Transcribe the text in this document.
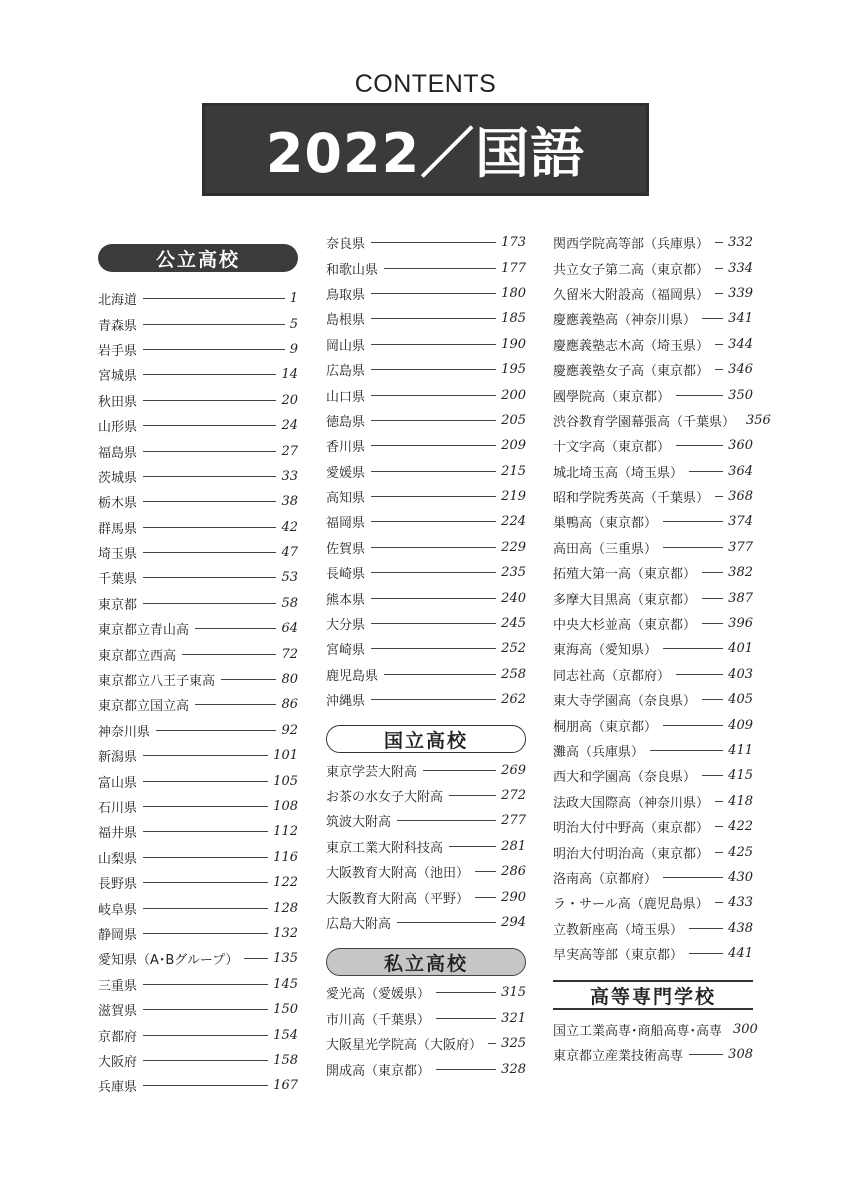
CONTENTS
2022／国語
公立高校
北海道	1
青森県	5
岩手県	9
宮城県	14
秋田県	20
山形県	24
福島県	27
茨城県	33
栃木県	38
群馬県	42
埼玉県	47
千葉県	53
東京都	58
東京都立青山高	64
東京都立西高	72
東京都立八王子東高	80
東京都立国立高	86
神奈川県	92
新潟県	101
富山県	105
石川県	108
福井県	112
山梨県	116
長野県	122
岐阜県	128
静岡県	132
愛知県（A･Bグループ）	135
三重県	145
滋賀県	150
京都府	154
大阪府	158
兵庫県	167
奈良県	173
和歌山県	177
鳥取県	180
島根県	185
岡山県	190
広島県	195
山口県	200
徳島県	205
香川県	209
愛媛県	215
高知県	219
福岡県	224
佐賀県	229
長崎県	235
熊本県	240
大分県	245
宮崎県	252
鹿児島県	258
沖縄県	262
国立高校
東京学芸大附高	269
お茶の水女子大附高	272
筑波大附高	277
東京工業大附科技高	281
大阪教育大附高（池田） 286
大阪教育大附高（平野） 290
広島大附高	294
私立高校
愛光高（愛媛県）	315
市川高（千葉県）	321
大阪星光学院高（大阪府） 325
開成高（東京都）	328
関西学院高等部（兵庫県） 332
共立女子第二高（東京都） 334
久留米大附設高（福岡県） 339
慶應義塾高（神奈川県） 341
慶應義塾志木高（埼玉県） 344
慶應義塾女子高（東京都） 346
國學院高（東京都）	350
渋谷教育学園幕張高（千葉県） 356
十文字高（東京都）	360
城北埼玉高（埼玉県）	364
昭和学院秀英高（千葉県） 368
巣鴨高（東京都）	374
高田高（三重県）	377
拓殖大第一高（東京都） 382
多摩大目黒高（東京都） 387
中央大杉並高（東京都） 396
東海高（愛知県）	401
同志社高（京都府）	403
東大寺学園高（奈良県） 405
桐朋高（東京都）	409
灘高（兵庫県）	411
西大和学園高（奈良県） 415
法政大国際高（神奈川県） 418
明治大付中野高（東京都） 422
明治大付明治高（東京都） 425
洛南高（京都府）	430
ラ・サール高（鹿児島県） 433
立教新座高（埼玉県）	438
早実高等部（東京都）	441
高等専門学校
国立工業高専･商船高専･高専 300
東京都立産業技術高専	308
